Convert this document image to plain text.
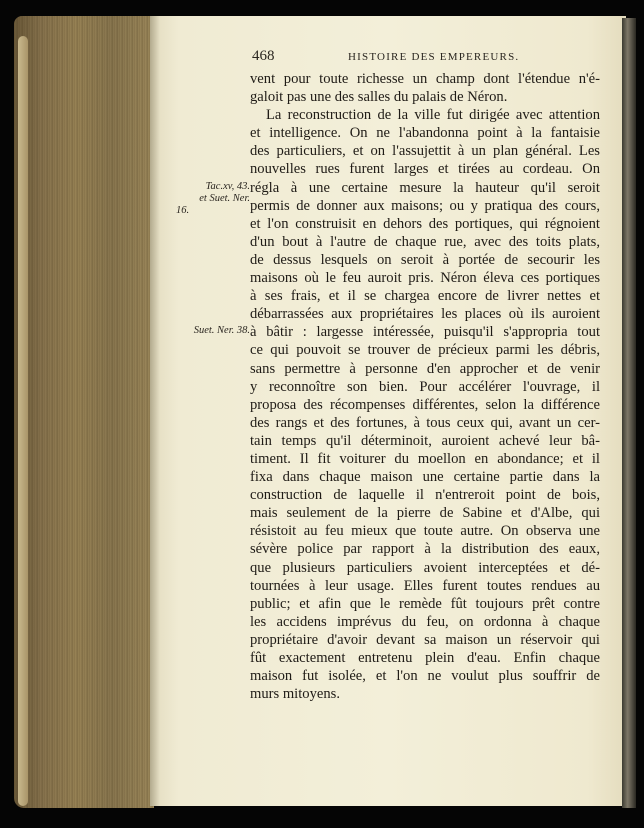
468	HISTOIRE DES EMPEREURS.
Tac.xv, 43.
et Suet. Ner.
16.
Suet. Ner. 38.
vent pour toute richesse un champ dont l'étendue n'é-
galoit pas une des salles du palais de Néron.
La reconstruction de la ville fut dirigée avec attention
et intelligence. On ne l'abandonna point à la fantaisie
des particuliers, et on l'assujettit à un plan général. Les
nouvelles rues furent larges et tirées au cordeau. On
régla à une certaine mesure la hauteur qu'il seroit
permis de donner aux maisons; ou y pratiqua des cours,
et l'on construisit en dehors des portiques, qui régnoient
d'un bout à l'autre de chaque rue, avec des toits plats,
de dessus lesquels on seroit à portée de secourir les
maisons où le feu auroit pris. Néron éleva ces portiques
à ses frais, et il se chargea encore de livrer nettes et
débarrassées aux propriétaires les places où ils auroient
à bâtir : largesse intéressée, puisqu'il s'appropria tout
ce qui pouvoit se trouver de précieux parmi les débris,
sans permettre à personne d'en approcher et de venir
y reconnoître son bien. Pour accélérer l'ouvrage, il
proposa des récompenses différentes, selon la différence
des rangs et des fortunes, à tous ceux qui, avant un cer-
tain temps qu'il déterminoit, auroient achevé leur bâ-
timent. Il fit voiturer du moellon en abondance; et il
fixa dans chaque maison une certaine partie dans la
construction de laquelle il n'entreroit point de bois,
mais seulement de la pierre de Sabine et d'Albe, qui
résistoit au feu mieux que toute autre. On observa une
sévère police par rapport à la distribution des eaux,
que plusieurs particuliers avoient interceptées et dé-
tournées à leur usage. Elles furent toutes rendues au
public; et afin que le remède fût toujours prêt contre
les accidens imprévus du feu, on ordonna à chaque
propriétaire d'avoir devant sa maison un réservoir qui
fût exactement entretenu plein d'eau. Enfin chaque
maison fut isolée, et l'on ne voulut plus souffrir de
murs mitoyens.
